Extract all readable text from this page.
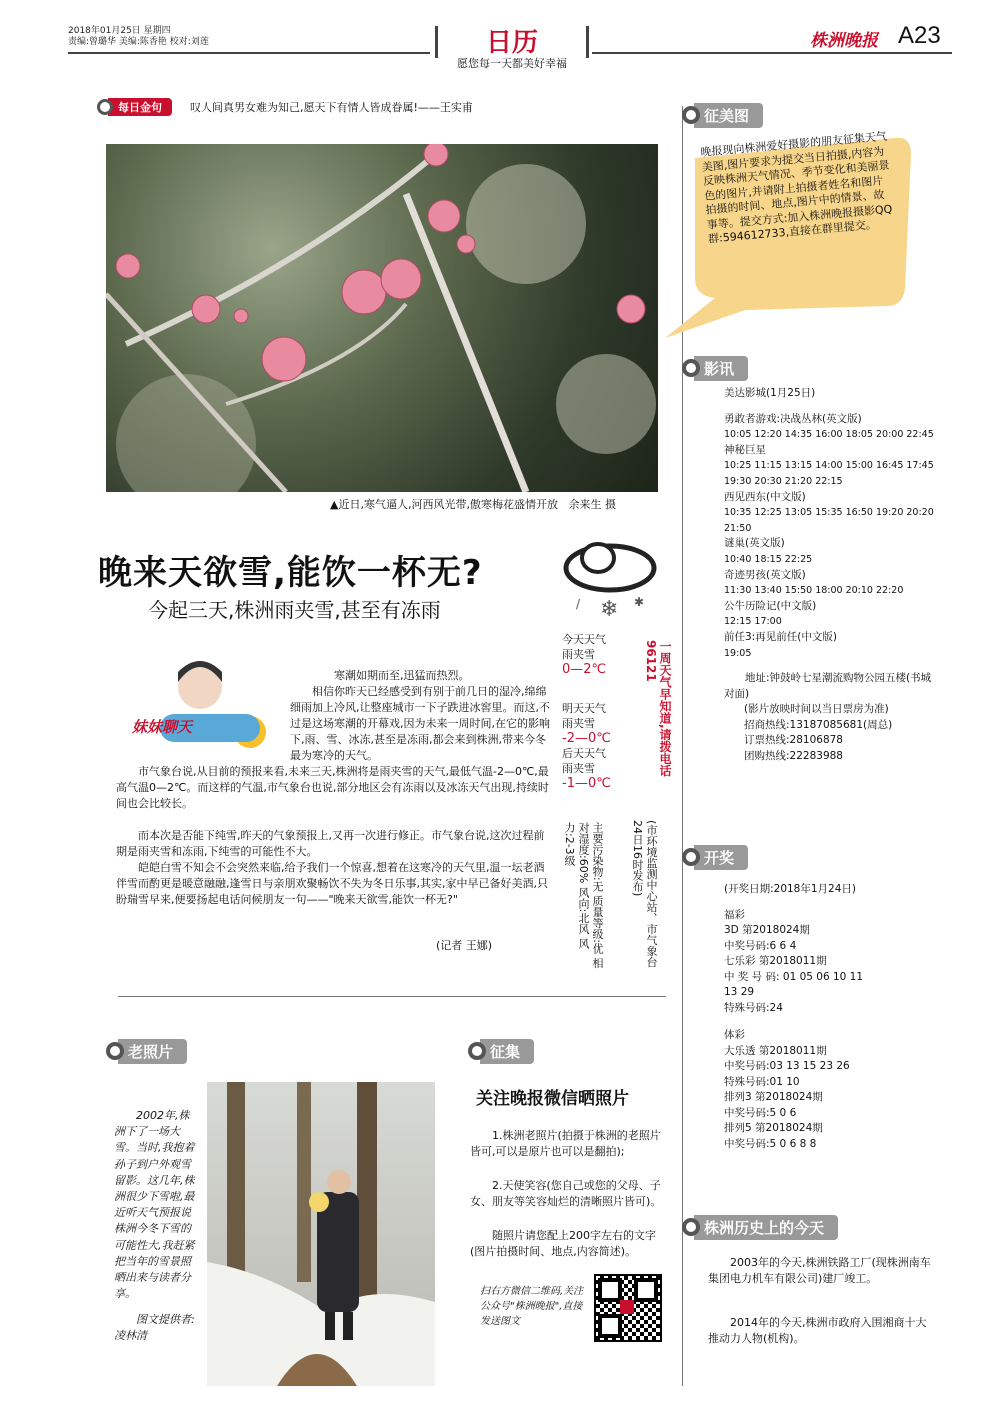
2018年01月25日 星期四
责编:曾璐华 美编:陈香艳 校对:刘莲	日历
愿您每一天都美好幸福
株洲晚报 A23
每日金句	叹人间真男女难为知己,愿天下有情人皆成眷属!——王实甫
▲近日,寒气逼人,河西风光带,傲寒梅花盛情开放 余来生 摄
晚来天欲雪,能饮一杯无?
今起三天,株洲雨夹雪,甚至有冻雨	❄
/	✱
妹妹聊天
寒潮如期而至,迅猛而热烈。
相信你昨天已经感受到有别于前几日的湿冷,绵绵细雨加上冷风,让整座城市一下子跌进冰窖里。而这,不过是这场寒潮的开幕戏,因为未来一周时间,在它的影响下,雨、雪、冰冻,甚至是冻雨,都会来到株洲,带来今冬最为寒冷的天气。
市气象台说,从目前的预报来看,未来三天,株洲将是雨夹雪的天气,最低气温-2—0℃,最高气温0—2℃。而这样的气温,市气象台也说,部分地区会有冻雨以及冰冻天气出现,持续时间也会比较长。
而本次是否能下纯雪,昨天的气象预报上,又再一次进行修正。市气象台说,这次过程前期是雨夹雪和冻雨,下纯雪的可能性不大。
皑皑白雪不知会不会突然来临,给予我们一个惊喜,想着在这寒冷的天气里,温一坛老酒伴雪而酌更是暖意融融,逢雪日与亲朋欢聚畅饮不失为冬日乐事,其实,家中早已备好美酒,只盼瑞雪早来,便要扬起电话问候朋友一句——"晚来天欲雪,能饮一杯无?"
(记者 王娜)
今天天气
雨夹雪
0—2℃
明天天气
雨夹雪
-2—0℃
后天天气
雨夹雪
-1—0℃
主要污染物:无 质量等级:优 相对湿度:60% 风向:北风 风力:2-3级	(市环境监测中心站、市气象台24日16时发布)
一周天气早知道,请拨电话96121
征美图
晚报现向株洲爱好摄影的朋友征集天气美图,图片要求为提交当日拍摄,内容为反映株洲天气情况、季节变化和美丽景色的图片,并请附上拍摄者姓名和图片拍摄的时间、地点,图片中的情景、故事等。提交方式:加入株洲晚报摄影QQ群:594612733,直接在群里提交。
影讯
美达影城(1月25日)
勇敢者游戏:决战丛林(英文版)
10:05 12:20 14:35 16:00 18:05 20:00 22:45
神秘巨星
10:25 11:15 13:15 14:00 15:00 16:45 17:45 19:30 20:30 21:20 22:15
西见西东(中文版)
10:35 12:25 13:05 15:35 16:50 19:20 20:20 21:50
谜巢(英文版)
10:40 18:15 22:25
奇迹男孩(英文版)
11:30 13:40 15:50 18:00 20:10 22:20
公牛历险记(中文版)
12:15 17:00
前任3:再见前任(中文版)
19:05
地址:钟鼓岭七星潮流购物公园五楼(书城对面)
(影片放映时间以当日票房为准)
招商热线:13187085681(周总)
订票热线:28106878
团购热线:22283988
开奖
(开奖日期:2018年1月24日)
福彩
3D 第2018024期
中奖号码:6 6 4
七乐彩 第2018011期
中 奖 号 码: 01 05 06 10 11
13 29
特殊号码:24
体彩
大乐透 第2018011期
中奖号码:03 13 15 23 26
特殊号码:01 10
排列3 第2018024期
中奖号码:5 0 6
排列5 第2018024期
中奖号码:5 0 6 8 8
株洲历史上的今天
2003年的今天,株洲铁路工厂(现株洲南车集团电力机车有限公司)建厂竣工。
2014年的今天,株洲市政府入围湘商十大推动力人物(机构)。
老照片
2002年,株洲下了一场大雪。当时,我抱着孙子到户外观雪留影。这几年,株洲很少下雪啦,最近听天气预报说株洲今冬下雪的可能性大,我赶紧把当年的雪景照晒出来与读者分享。
图文提供者:凌林清
征集
关注晚报微信晒照片
1.株洲老照片(拍摄于株洲的老照片皆可,可以是原片也可以是翻拍);
2.天使笑容(您自己或您的父母、子女、朋友等笑容灿烂的清晰照片皆可)。
随照片请您配上200字左右的文字(图片拍摄时间、地点,内容简述)。
扫右方微信二维码,关注公众号"株洲晚报",直接发送图文
